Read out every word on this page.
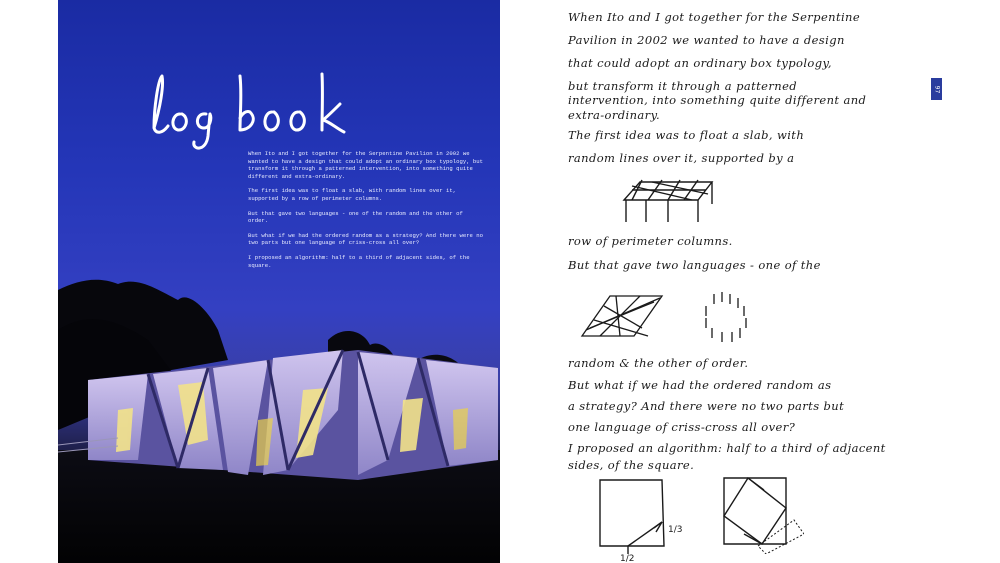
When Ito and I got together for the Serpentine Pavilion in 2002 we wanted to have a design that could adopt an ordinary box typology, but transform it through a patterned intervention, into something quite different and extra-ordinary.

The first idea was to float a slab, with random lines over it, supported by a row of perimeter columns.

But that gave two languages - one of the random and the other of order.

But what if we had the ordered random as a strategy? And there were no two parts but one language of criss-cross all over?

I proposed an algorithm: half to a third of adjacent sides, of the square.

When Ito and I got together for the Serpentine
Pavilion in 2002 we wanted to have a design
that could adopt an ordinary box typology,
but transform it through a patterned
intervention, into something quite different and
extra-ordinary.
The first idea was to float a slab, with
random lines over it, supported by a
row of perimeter columns.
But that gave two languages - one of the
random & the other of order.
But what if we had the ordered random as
a strategy? And there were no two parts but
one language of criss-cross all over?
I proposed an algorithm: half to a third of adjacent
sides, of the square.
1/3
1/2
97
